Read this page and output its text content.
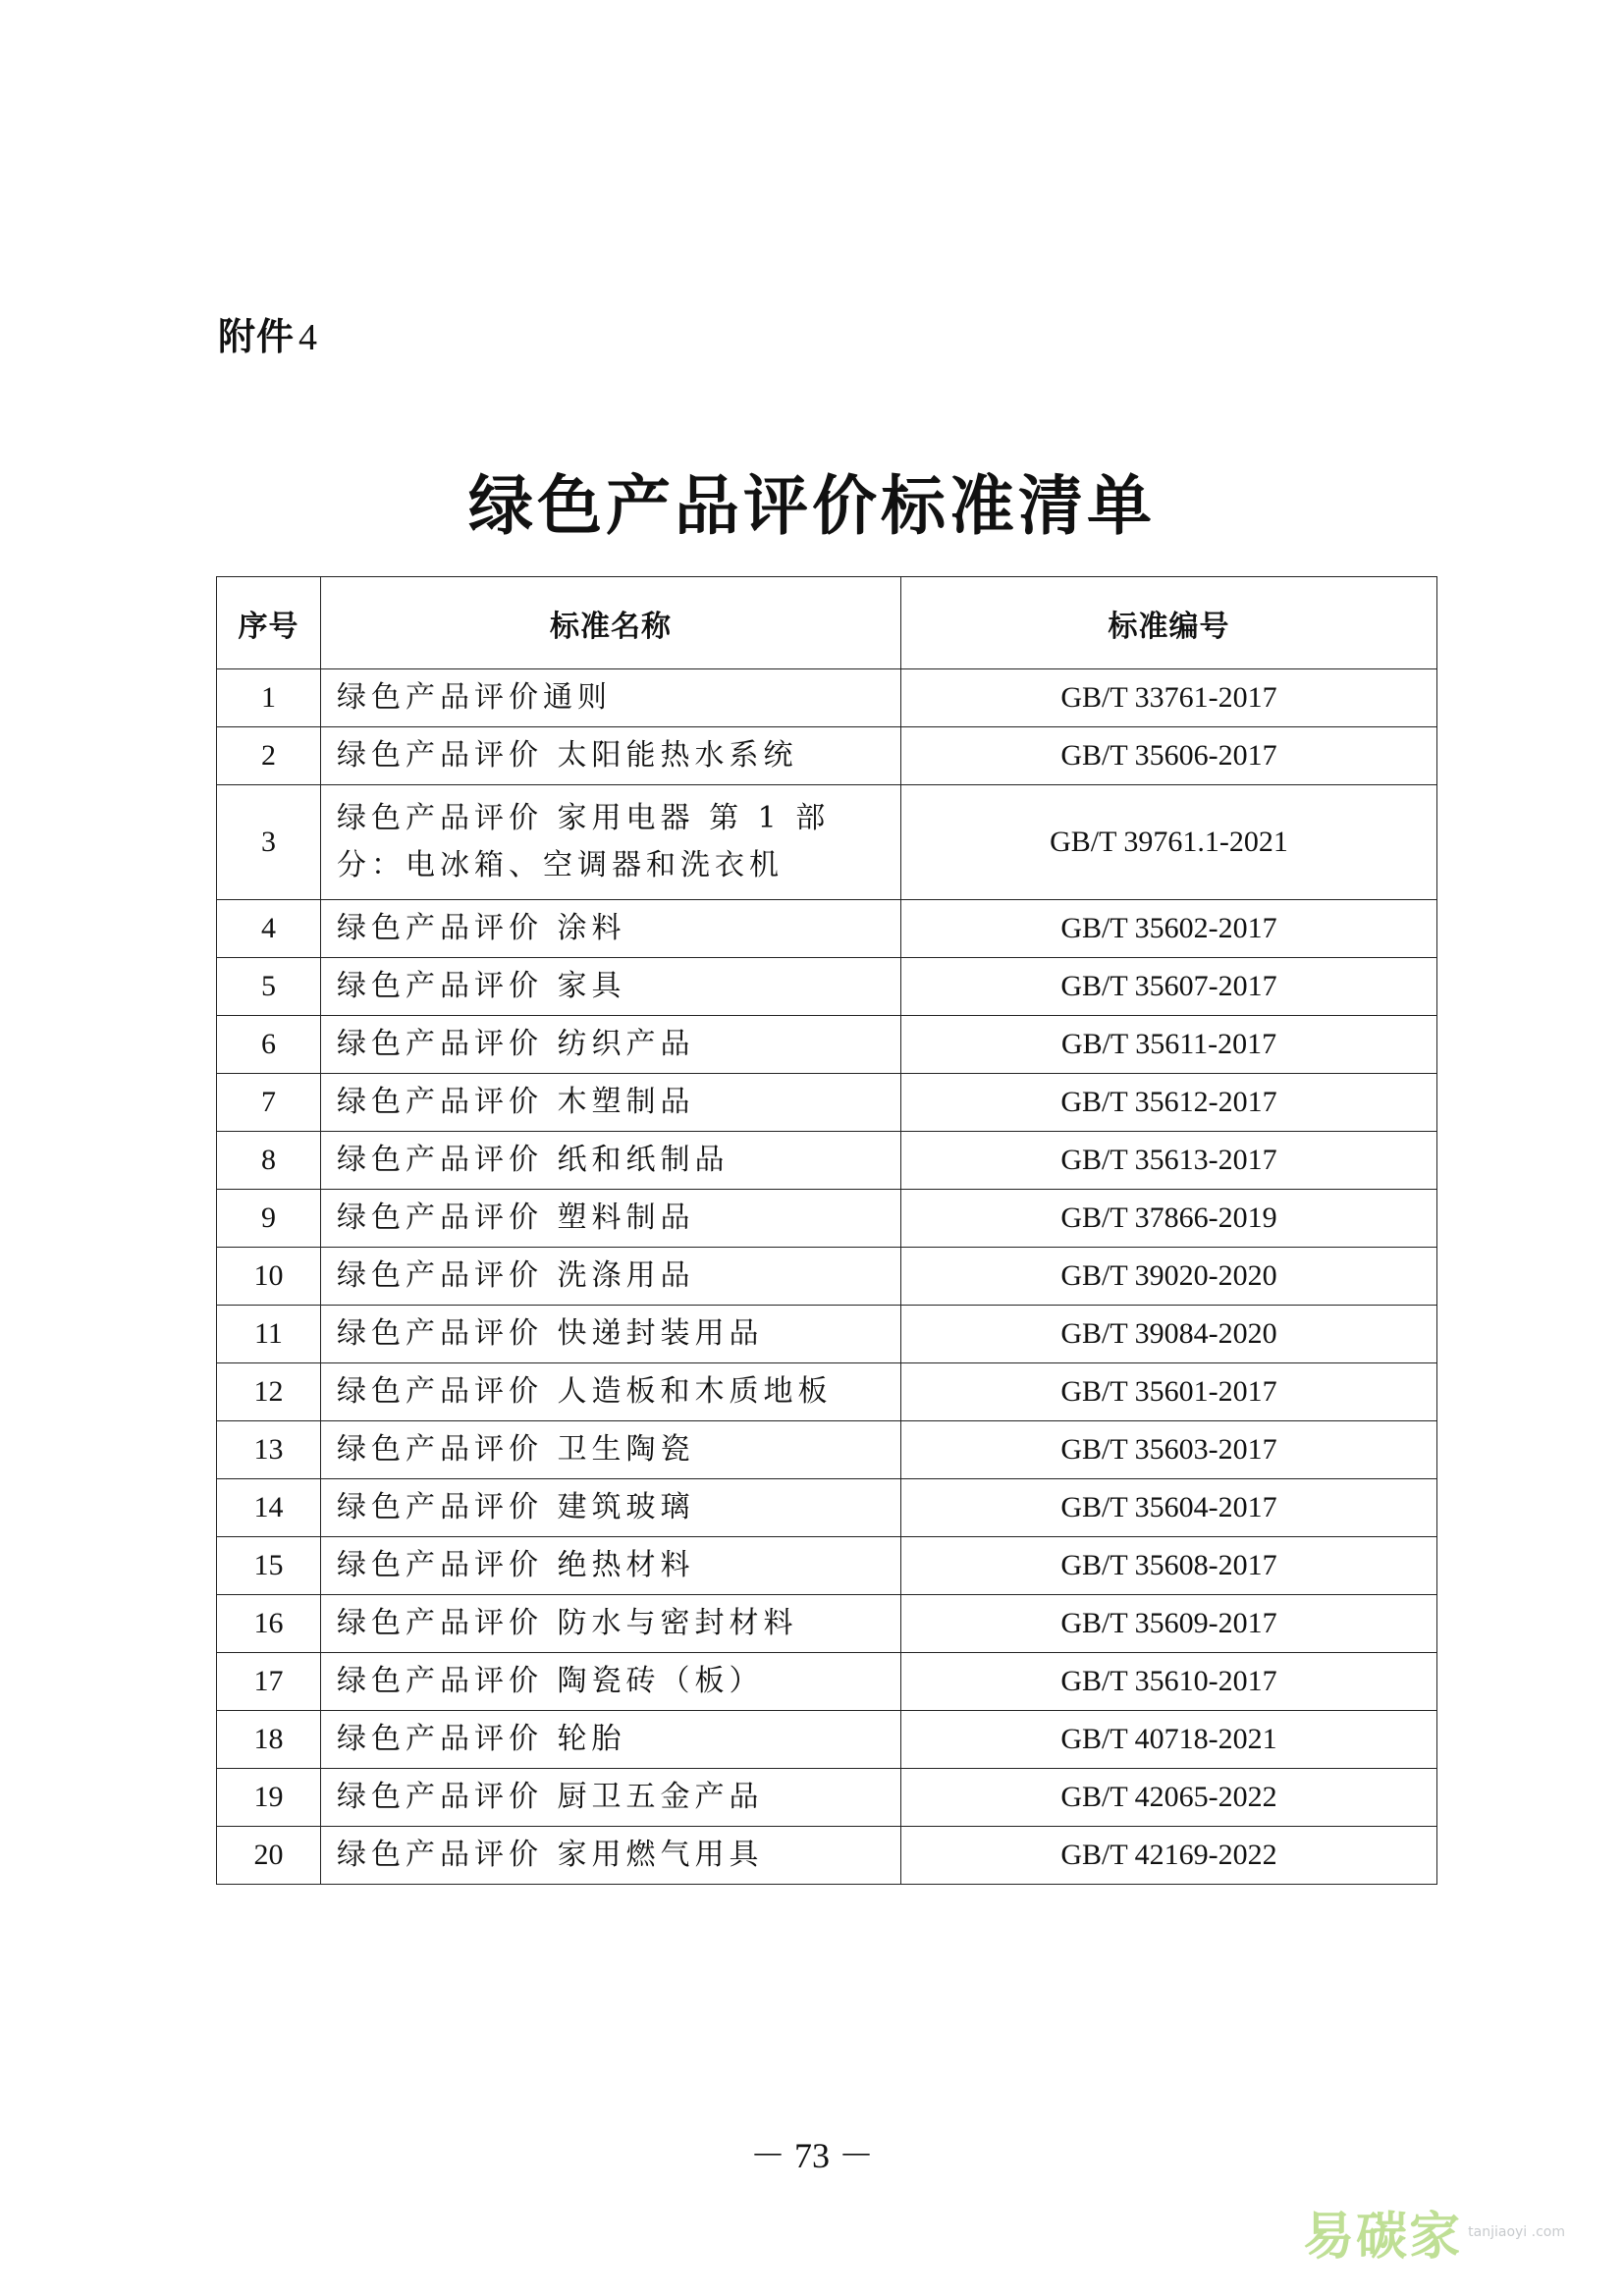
附件 4
绿色产品评价标准清单
序号	标准名称	标准编号
1	绿色产品评价通则	GB/T 33761-2017
2	绿色产品评价 太阳能热水系统	GB/T 35606-2017
3	绿色产品评价 家用电器 第 1 部分：电冰箱、空调器和洗衣机	GB/T 39761.1-2021
4	绿色产品评价 涂料	GB/T 35602-2017
5	绿色产品评价 家具	GB/T 35607-2017
6	绿色产品评价 纺织产品	GB/T 35611-2017
7	绿色产品评价 木塑制品	GB/T 35612-2017
8	绿色产品评价 纸和纸制品	GB/T 35613-2017
9	绿色产品评价 塑料制品	GB/T 37866-2019
10	绿色产品评价 洗涤用品	GB/T 39020-2020
11	绿色产品评价 快递封装用品	GB/T 39084-2020
12	绿色产品评价 人造板和木质地板	GB/T 35601-2017
13	绿色产品评价 卫生陶瓷	GB/T 35603-2017
14	绿色产品评价 建筑玻璃	GB/T 35604-2017
15	绿色产品评价 绝热材料	GB/T 35608-2017
16	绿色产品评价 防水与密封材料	GB/T 35609-2017
17	绿色产品评价 陶瓷砖（板）	GB/T 35610-2017
18	绿色产品评价 轮胎	GB/T 40718-2021
19	绿色产品评价 厨卫五金产品	GB/T 42065-2022
20	绿色产品评价 家用燃气用具	GB/T 42169-2022
－ 73 －
易碳家 tanjiaoyi .com
